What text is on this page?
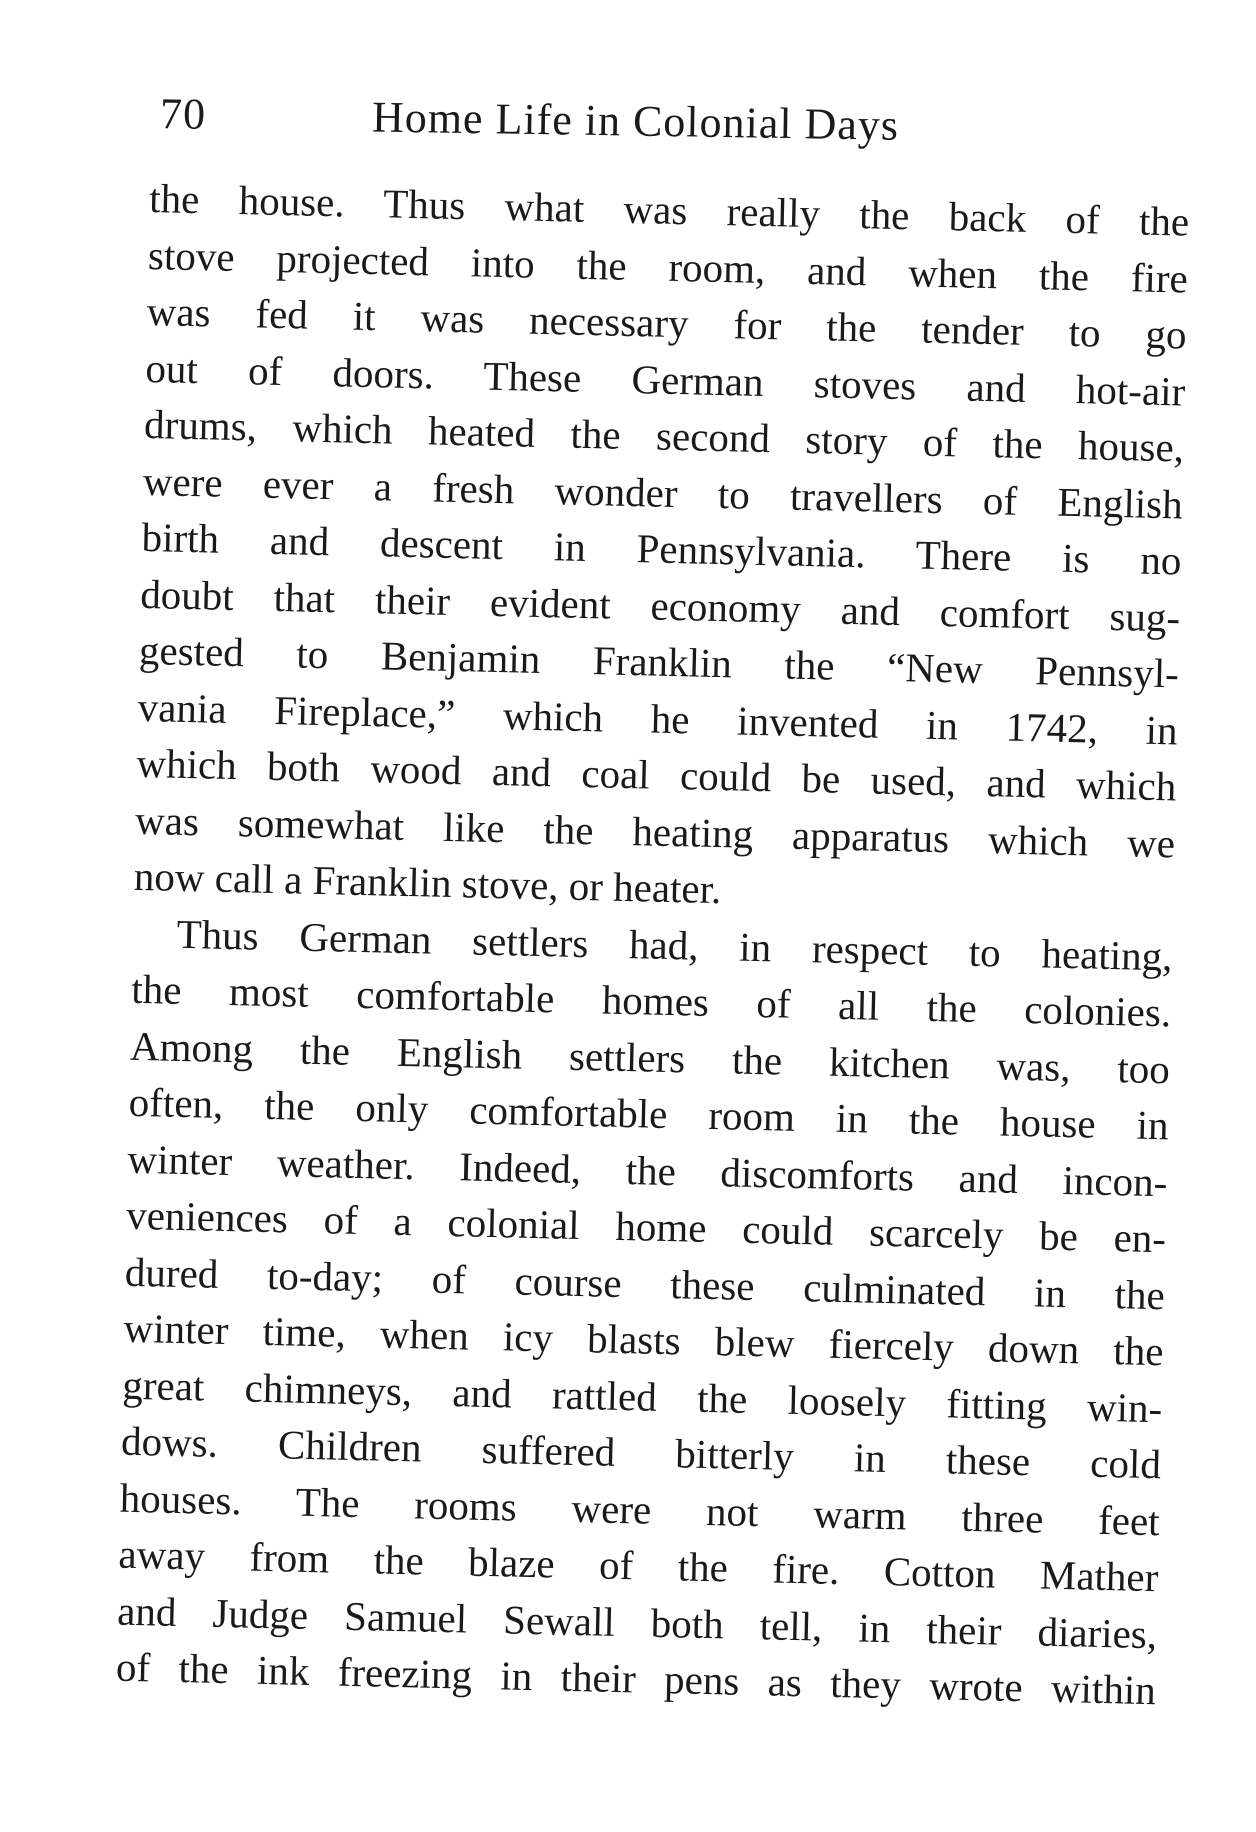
70	Home Life in Colonial Days
the house. Thus what was really the back of the
stove projected into the room, and when the fire
was fed it was necessary for the tender to go
out of doors. These German stoves and hot-air
drums, which heated the second story of the house,
were ever a fresh wonder to travellers of English
birth and descent in Pennsylvania. There is no
doubt that their evident economy and comfort sug-
gested to Benjamin Franklin the “New Pennsyl-
vania Fireplace,” which he invented in 1742, in
which both wood and coal could be used, and which
was somewhat like the heating apparatus which we
now call a Franklin stove, or heater.
Thus German settlers had, in respect to heating,
the most comfortable homes of all the colonies.
Among the English settlers the kitchen was, too
often, the only comfortable room in the house in
winter weather. Indeed, the discomforts and incon-
veniences of a colonial home could scarcely be en-
dured to-day; of course these culminated in the
winter time, when icy blasts blew fiercely down the
great chimneys, and rattled the loosely fitting win-
dows. Children suffered bitterly in these cold
houses. The rooms were not warm three feet
away from the blaze of the fire. Cotton Mather
and Judge Samuel Sewall both tell, in their diaries,
of the ink freezing in their pens as they wrote within
